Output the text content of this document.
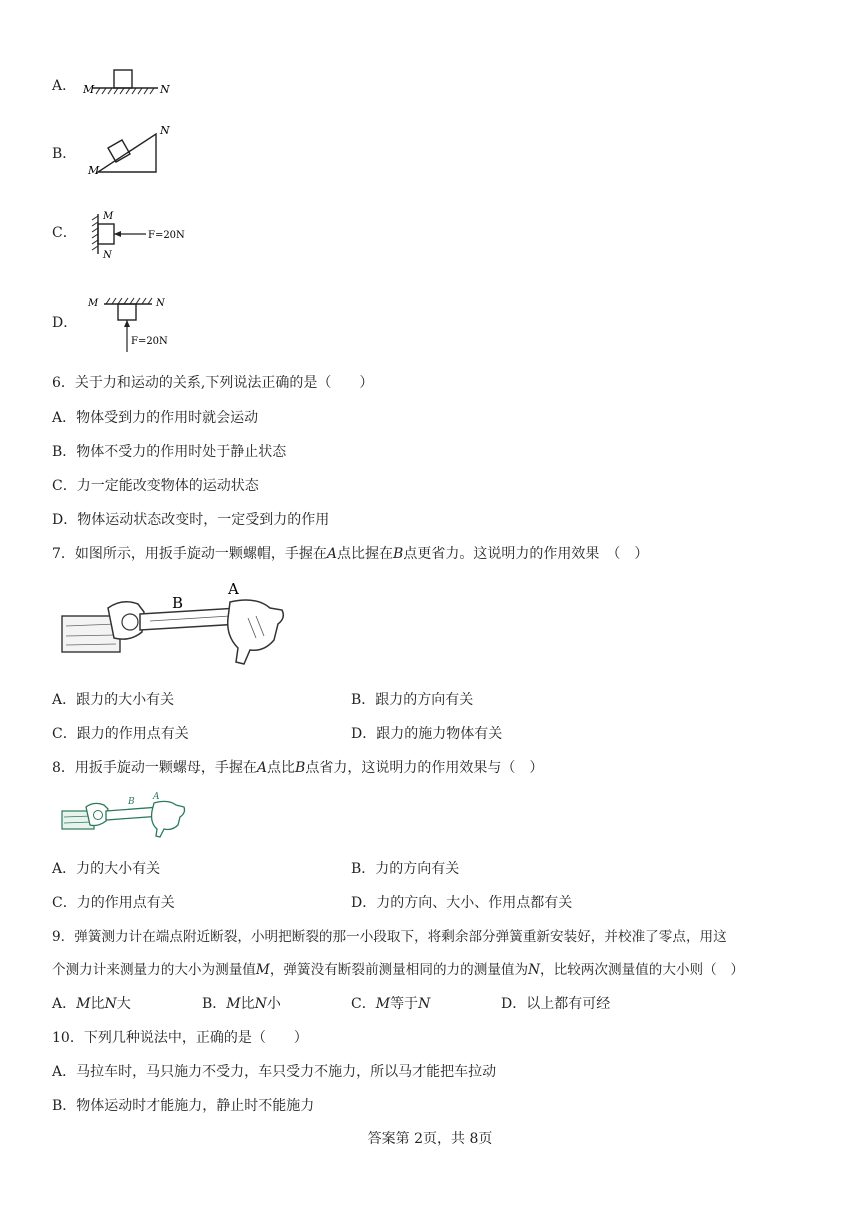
A． M	N
B．
M
N
C．
M
N
F=20N
D．
M	N
F=20N
6．关于力和运动的关系,下列说法正确的是（　　）
A．物体受到力的作用时就会运动
B．物体不受力的作用时处于静止状态
C．力一定能改变物体的运动状态
D．物体运动状态改变时，一定受到力的作用
7．如图所示，用扳手旋动一颗螺帽，手握在A点比握在B点更省力。这说明力的作用效果　（　）
B
A
A．跟力的大小有关	B．跟力的方向有关
C．跟力的作用点有关	D．跟力的施力物体有关
8．用扳手旋动一颗螺母，手握在A点比B点省力，这说明力的作用效果与（　）
B A
A．力的大小有关	B．力的方向有关
C．力的作用点有关	D．力的方向、大小、作用点都有关
9．弹簧测力计在端点附近断裂，小明把断裂的那一小段取下，将剩余部分弹簧重新安装好，并校准了零点，用这
个测力计来测量力的大小为测量值M，弹簧没有断裂前测量相同的力的测量值为N，比较两次测量值的大小则（　）
A．M比N大	B．M比N小	C．M等于N	D．以上都有可经
10．下列几种说法中，正确的是（　　）
A．马拉车时，马只施力不受力，车只受力不施力，所以马才能把车拉动
B．物体运动时才能施力，静止时不能施力
答案第 2页，共 8页
